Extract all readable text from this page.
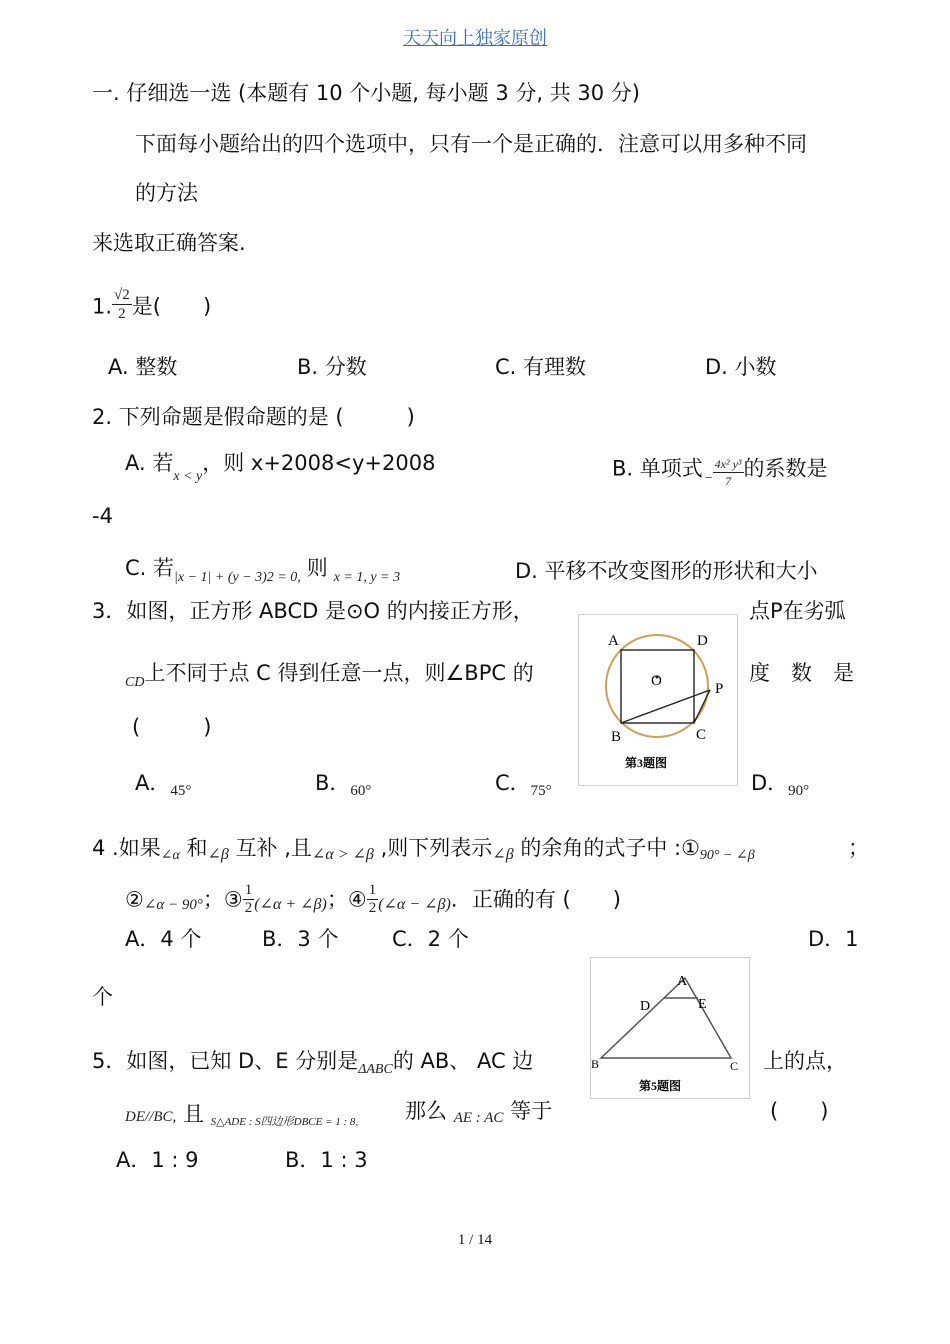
天天向上独家原创
一. 仔细选一选 (本题有 10 个小题, 每小题 3 分, 共 30 分)
下面每小题给出的四个选项中，只有一个是正确的．注意可以用多种不同
的方法
来选取正确答案.
1. $\frac{√2}{2}$ 是(　　)
A. 整数	B. 分数	C. 有理数	D. 小数
2. 下列命题是假命题的是 (　　　)
A. 若$_{x < y}$，则 x+2008<y+2008	B. 单项式 $_- \frac{\text{4x² y³}}{7}$ 的系数是
-4
C. 若$_{|x - 1| + (y - 3)2 = 0,}$ 则 $_{x = 1, y = 3}$	D. 平移不改变图形的形状和大小
3．如图，正方形 ABCD 是⊙O 的内接正方形，	点P在劣弧
$_{CD}$上不同于点 C 得到任意一点，则∠BPC 的	度　数　是
(　　　)
A．$_{45^\circ}$	B．$_{60^\circ}$	C．$_{75^\circ}$	D．$_{90^\circ}$
A	D
O	P
B	C
第3题图
4 .如果∠α 和∠β 互补 ,且∠α > ∠β ,则下列表示∠β 的余角的式子中 :①90° − ∠β	；
②∠α − 90°；③ $\frac{1}{2}$ (∠α + ∠β)；④ $\frac{1}{2}$ (∠α − ∠β)．正确的有 (　　)
A．4 个	B．3 个	C．2 个	D．1
个
A
D	E
B	C
第5题图
5．如图，已知 D、E 分别是$_{\Delta ABC}$的 AB、 AC 边	上的点，
DE//BC, 且 S△ADE : S四边形DBCE = 1 : 8, 那么 AE : AC 等于	(　　)
A．1 : 9	B．1 : 3
1 / 14
